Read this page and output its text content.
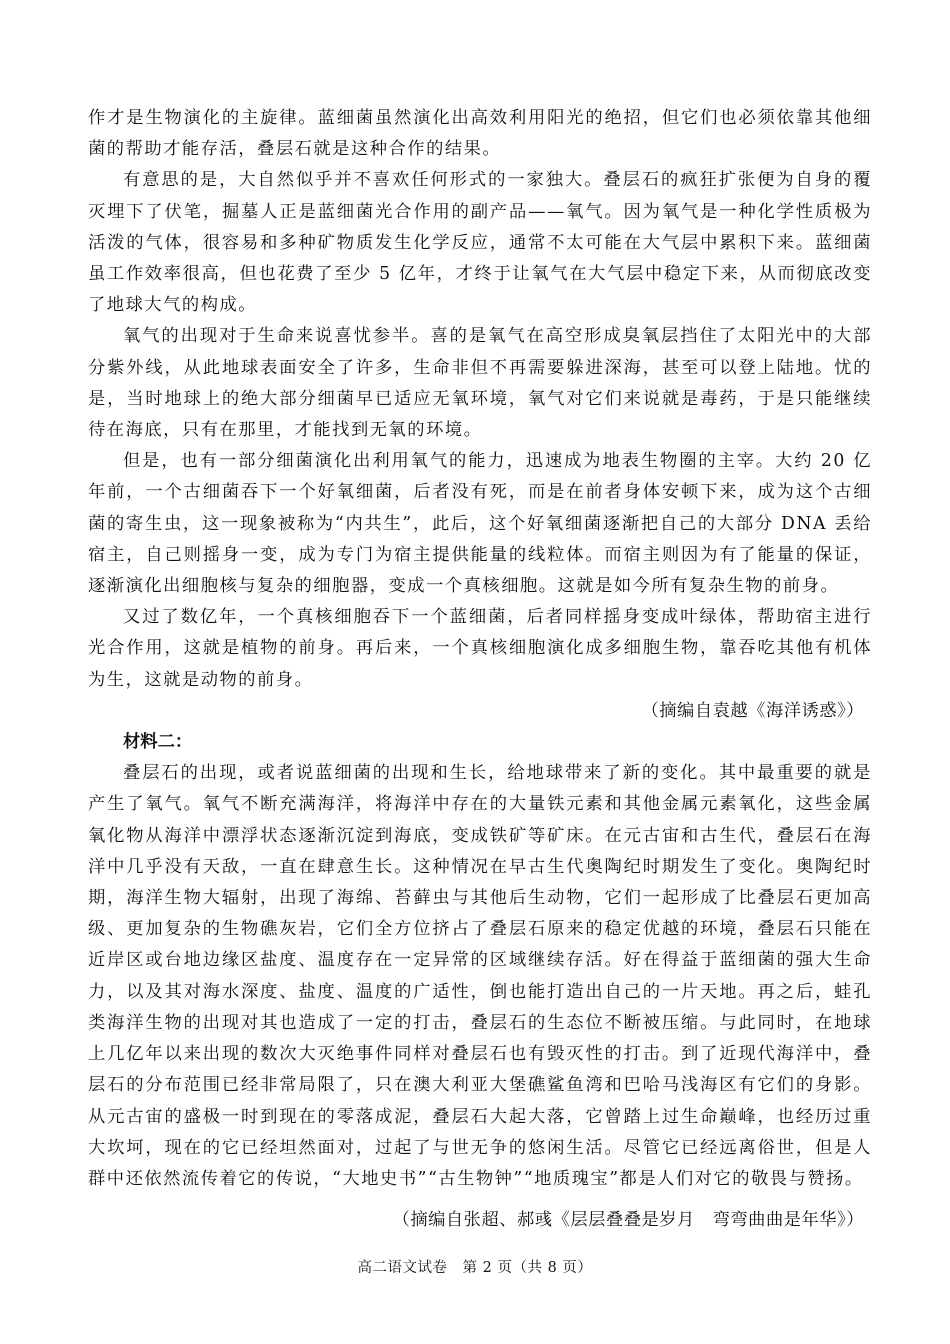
作才是生物演化的主旋律。蓝细菌虽然演化出高效利用阳光的绝招，但它们也必须依靠其他细菌的帮助才能存活，叠层石就是这种合作的结果。

有意思的是，大自然似乎并不喜欢任何形式的一家独大。叠层石的疯狂扩张便为自身的覆灭埋下了伏笔，掘墓人正是蓝细菌光合作用的副产品——氧气。因为氧气是一种化学性质极为活泼的气体，很容易和多种矿物质发生化学反应，通常不太可能在大气层中累积下来。蓝细菌虽工作效率很高，但也花费了至少 5 亿年，才终于让氧气在大气层中稳定下来，从而彻底改变了地球大气的构成。

氧气的出现对于生命来说喜忧参半。喜的是氧气在高空形成臭氧层挡住了太阳光中的大部分紫外线，从此地球表面安全了许多，生命非但不再需要躲进深海，甚至可以登上陆地。忧的是，当时地球上的绝大部分细菌早已适应无氧环境，氧气对它们来说就是毒药，于是只能继续待在海底，只有在那里，才能找到无氧的环境。

但是，也有一部分细菌演化出利用氧气的能力，迅速成为地表生物圈的主宰。大约 20 亿年前，一个古细菌吞下一个好氧细菌，后者没有死，而是在前者身体安顿下来，成为这个古细菌的寄生虫，这一现象被称为“内共生”，此后，这个好氧细菌逐渐把自己的大部分 DNA 丢给宿主，自己则摇身一变，成为专门为宿主提供能量的线粒体。而宿主则因为有了能量的保证，逐渐演化出细胞核与复杂的细胞器，变成一个真核细胞。这就是如今所有复杂生物的前身。

又过了数亿年，一个真核细胞吞下一个蓝细菌，后者同样摇身变成叶绿体，帮助宿主进行光合作用，这就是植物的前身。再后来，一个真核细胞演化成多细胞生物，靠吞吃其他有机体为生，这就是动物的前身。

（摘编自袁越《海洋诱惑》）

材料二：

叠层石的出现，或者说蓝细菌的出现和生长，给地球带来了新的变化。其中最重要的就是产生了氧气。氧气不断充满海洋，将海洋中存在的大量铁元素和其他金属元素氧化，这些金属氧化物从海洋中漂浮状态逐渐沉淀到海底，变成铁矿等矿床。在元古宙和古生代，叠层石在海洋中几乎没有天敌，一直在肆意生长。这种情况在早古生代奥陶纪时期发生了变化。奥陶纪时期，海洋生物大辐射，出现了海绵、苔藓虫与其他后生动物，它们一起形成了比叠层石更加高级、更加复杂的生物礁灰岩，它们全方位挤占了叠层石原来的稳定优越的环境，叠层石只能在近岸区或台地边缘区盐度、温度存在一定异常的区域继续存活。好在得益于蓝细菌的强大生命力，以及其对海水深度、盐度、温度的广适性，倒也能打造出自己的一片天地。再之后，蛙孔类海洋生物的出现对其也造成了一定的打击，叠层石的生态位不断被压缩。与此同时，在地球上几亿年以来出现的数次大灭绝事件同样对叠层石也有毁灭性的打击。到了近现代海洋中，叠层石的分布范围已经非常局限了，只在澳大利亚大堡礁鲨鱼湾和巴哈马浅海区有它们的身影。从元古宙的盛极一时到现在的零落成泥，叠层石大起大落，它曾踏上过生命巅峰，也经历过重大坎坷，现在的它已经坦然面对，过起了与世无争的悠闲生活。尽管它已经远离俗世，但是人群中还依然流传着它的传说，“大地史书”“古生物钟”“地质瑰宝”都是人们对它的敬畏与赞扬。

（摘编自张超、郝彧《层层叠叠是岁月　弯弯曲曲是年华》）

高二语文试卷　第 2 页（共 8 页）
